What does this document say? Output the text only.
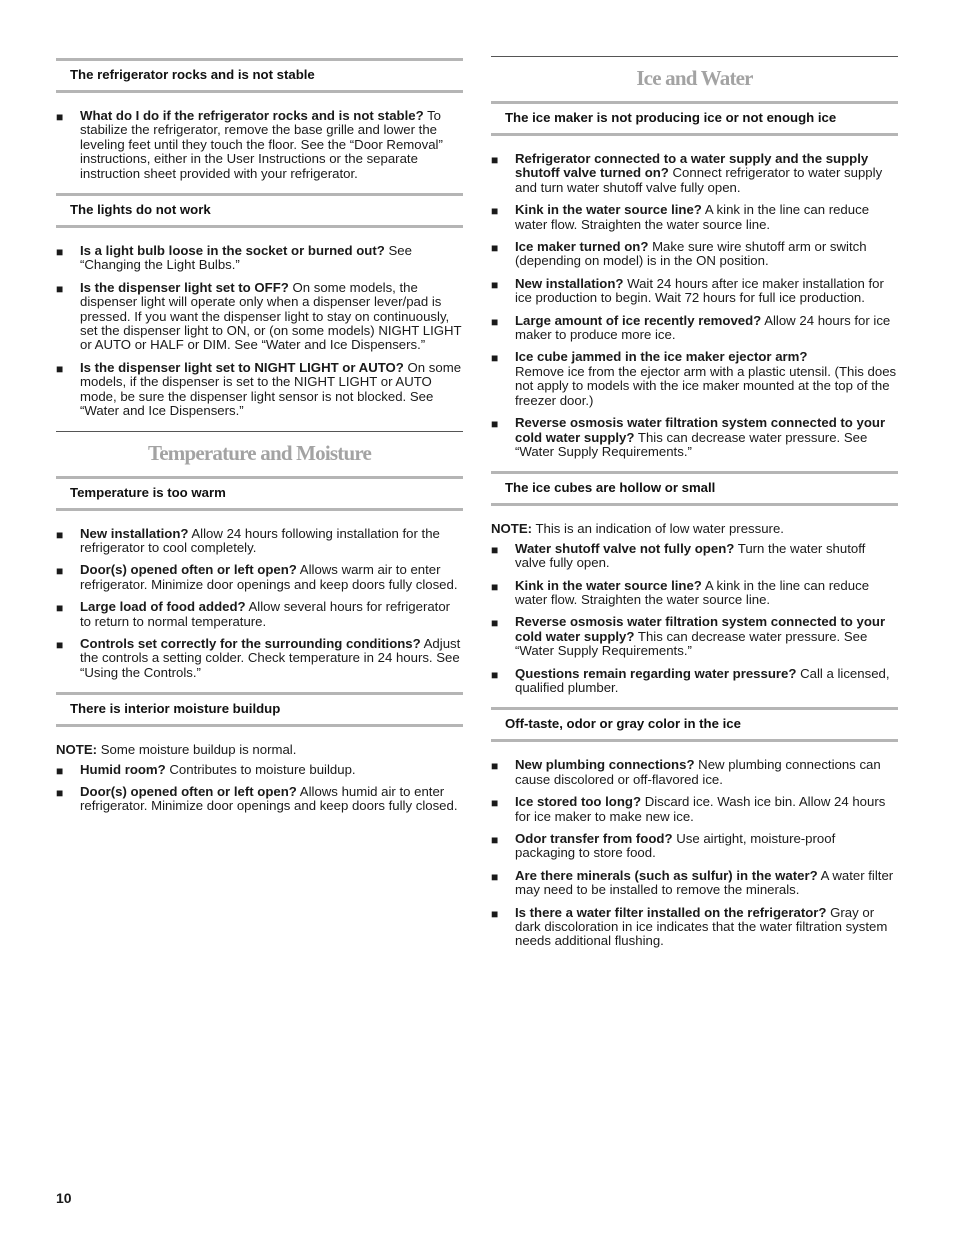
The refrigerator rocks and is not stable
■ What do I do if the refrigerator rocks and is not stable? To stabilize the refrigerator, remove the base grille and lower the leveling feet until they touch the floor. See the “Door Removal” instructions, either in the User Instructions or the separate instruction sheet provided with your refrigerator.
The lights do not work
■ Is a light bulb loose in the socket or burned out? See “Changing the Light Bulbs.”
■ Is the dispenser light set to OFF? On some models, the dispenser light will operate only when a dispenser lever/pad is pressed. If you want the dispenser light to stay on continuously, set the dispenser light to ON, or (on some models) NIGHT LIGHT or AUTO or HALF or DIM. See “Water and Ice Dispensers.”
■ Is the dispenser light set to NIGHT LIGHT or AUTO? On some models, if the dispenser is set to the NIGHT LIGHT or AUTO mode, be sure the dispenser light sensor is not blocked. See “Water and Ice Dispensers.”
Temperature and Moisture
Temperature is too warm
■ New installation? Allow 24 hours following installation for the refrigerator to cool completely.
■ Door(s) opened often or left open? Allows warm air to enter refrigerator. Minimize door openings and keep doors fully closed.
■ Large load of food added? Allow several hours for refrigerator to return to normal temperature.
■ Controls set correctly for the surrounding conditions? Adjust the controls a setting colder. Check temperature in 24 hours. See “Using the Controls.”
There is interior moisture buildup

NOTE: Some moisture buildup is normal.

■ Humid room? Contributes to moisture buildup.
■ Door(s) opened often or left open? Allows humid air to enter refrigerator. Minimize door openings and keep doors fully closed.
Ice and Water
The ice maker is not producing ice or not enough ice
■ Refrigerator connected to a water supply and the supply shutoff valve turned on? Connect refrigerator to water supply and turn water shutoff valve fully open.
■ Kink in the water source line? A kink in the line can reduce water flow. Straighten the water source line.
■ Ice maker turned on? Make sure wire shutoff arm or switch (depending on model) is in the ON position.
■ New installation? Wait 24 hours after ice maker installation for ice production to begin. Wait 72 hours for full ice production.
■ Large amount of ice recently removed? Allow 24 hours for ice maker to produce more ice.
■ Ice cube jammed in the ice maker ejector arm?
Remove ice from the ejector arm with a plastic utensil. (This does not apply to models with the ice maker mounted at the top of the freezer door.)
■ Reverse osmosis water filtration system connected to your cold water supply? This can decrease water pressure. See “Water Supply Requirements.”
The ice cubes are hollow or small

NOTE: This is an indication of low water pressure.

■ Water shutoff valve not fully open? Turn the water shutoff valve fully open.
■ Kink in the water source line? A kink in the line can reduce water flow. Straighten the water source line.
■ Reverse osmosis water filtration system connected to your cold water supply? This can decrease water pressure. See “Water Supply Requirements.”
■ Questions remain regarding water pressure? Call a licensed, qualified plumber.
Off-taste, odor or gray color in the ice
■ New plumbing connections? New plumbing connections can cause discolored or off-flavored ice.
■ Ice stored too long? Discard ice. Wash ice bin. Allow 24 hours for ice maker to make new ice.
■ Odor transfer from food? Use airtight, moisture-proof packaging to store food.
■ Are there minerals (such as sulfur) in the water? A water filter may need to be installed to remove the minerals.
■ Is there a water filter installed on the refrigerator? Gray or dark discoloration in ice indicates that the water filtration system needs additional flushing.
10
